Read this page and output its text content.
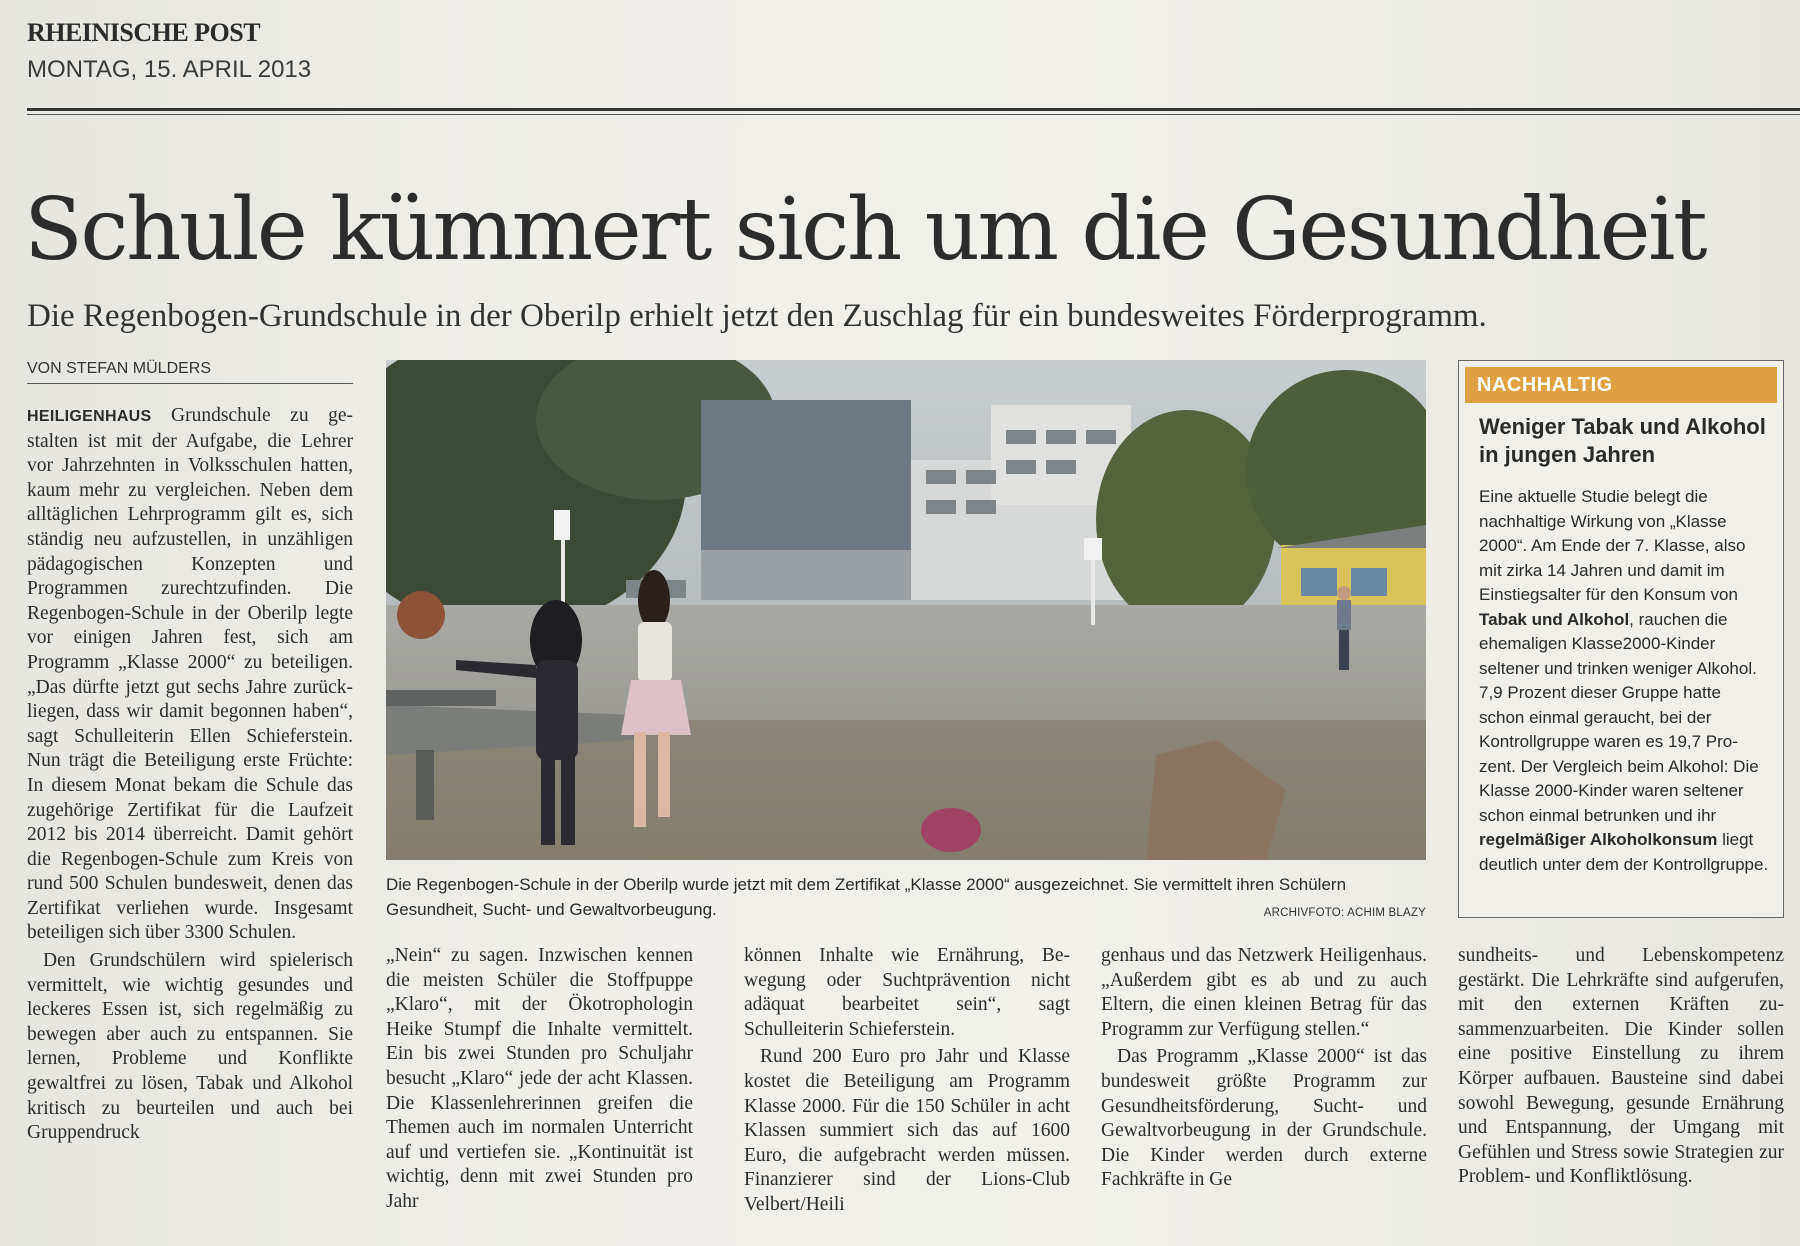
RHEINISCHE POST
MONTAG, 15. APRIL 2013
Schule kümmert sich um die Gesundheit
Die Regenbogen-Grundschule in der Oberilp erhielt jetzt den Zuschlag für ein bundesweites Förderprogramm.
VON STEFAN MÜLDERS

HEILIGENHAUS Grundschule zu gestalten ist mit der Aufgabe, die Lehrer vor Jahrzehnten in Volksschulen hatten, kaum mehr zu vergleichen. Neben dem alltäglichen Lehrprogramm gilt es, sich ständig neu aufzustellen, in unzähligen pädagogischen Konzepten und Programmen zurechtzufinden. Die Regenbogen-Schule in der Oberilp legte vor einigen Jahren fest, sich am Programm „Klasse 2000“ zu beteiligen. „Das dürfte jetzt gut sechs Jahre zurückliegen, dass wir damit begonnen haben“, sagt Schulleiterin Ellen Schieferstein. Nun trägt die Beteiligung erste Früchte: In diesem Monat bekam die Schule das zugehörige Zertifikat für die Laufzeit 2012 bis 2014 überreicht. Damit gehört die Regenbogen-Schule zum Kreis von rund 500 Schulen bundesweit, denen das Zertifikat verliehen wurde. Insgesamt beteiligen sich über 3300 Schulen.

Den Grundschülern wird spielerisch vermittelt, wie wichtig gesundes und leckeres Essen ist, sich regelmäßig zu bewegen aber auch zu entspannen. Sie lernen, Probleme und Konflikte gewaltfrei zu lösen, Tabak und Alkohol kritisch zu beurteilen und auch bei Gruppendruck

Die Regenbogen-Schule in der Oberilp wurde jetzt mit dem Zertifikat „Klasse 2000“ ausgezeichnet. Sie vermittelt ihren Schülern Gesundheit, Sucht- und Gewaltvorbeugung.	ARCHIVFOTO: ACHIM BLAZY
NACHHALTIG
Weniger Tabak und Alkohol in jungen Jahren
Eine aktuelle Studie belegt die nachhaltige Wirkung von „Klasse 2000“. Am Ende der 7. Klasse, also mit zirka 14 Jahren und damit im Einstiegsalter für den Konsum von Tabak und Alkohol, rauchen die ehemaligen Klasse2000-Kinder seltener und trinken weniger Alkohol. 7,9 Prozent dieser Gruppe hatte schon einmal geraucht, bei der Kontrollgruppe waren es 19,7 Prozent. Der Vergleich beim Alkohol: Die Klasse 2000-Kinder waren seltener schon einmal betrunken und ihr regelmäßiger Alkoholkonsum liegt deutlich unter dem der Kontrollgruppe.

„Nein“ zu sagen. Inzwischen kennen die meisten Schüler die Stoffpuppe „Klaro“, mit der Ökotrophologin Heike Stumpf die Inhalte vermittelt. Ein bis zwei Stunden pro Schuljahr besucht „Klaro“ jede der acht Klassen. Die Klassenlehrerinnen greifen die Themen auch im normalen Unterricht auf und vertiefen sie. „Kontinuität ist wichtig, denn mit zwei Stunden pro Jahr

können Inhalte wie Ernährung, Bewegung oder Suchtprävention nicht adäquat bearbeitet sein“, sagt Schulleiterin Schieferstein.

Rund 200 Euro pro Jahr und Klasse kostet die Beteiligung am Programm Klasse 2000. Für die 150 Schüler in acht Klassen summiert sich das auf 1600 Euro, die aufgebracht werden müssen. Finanzierer sind der Lions-Club Velbert/Heili

genhaus und das Netzwerk Heiligenhaus. „Außerdem gibt es ab und zu auch Eltern, die einen kleinen Betrag für das Programm zur Verfügung stellen.“

Das Programm „Klasse 2000“ ist das bundesweit größte Programm zur Gesundheitsförderung, Sucht- und Gewaltvorbeugung in der Grundschule. Die Kinder werden durch externe Fachkräfte in Ge

sundheits- und Lebenskompetenz gestärkt. Die Lehrkräfte sind aufgerufen, mit den externen Kräften zusammenzuarbeiten. Die Kinder sollen eine positive Einstellung zu ihrem Körper aufbauen. Bausteine sind dabei sowohl Bewegung, gesunde Ernährung und Entspannung, der Umgang mit Gefühlen und Stress sowie Strategien zur Problem- und Konfliktlösung.
